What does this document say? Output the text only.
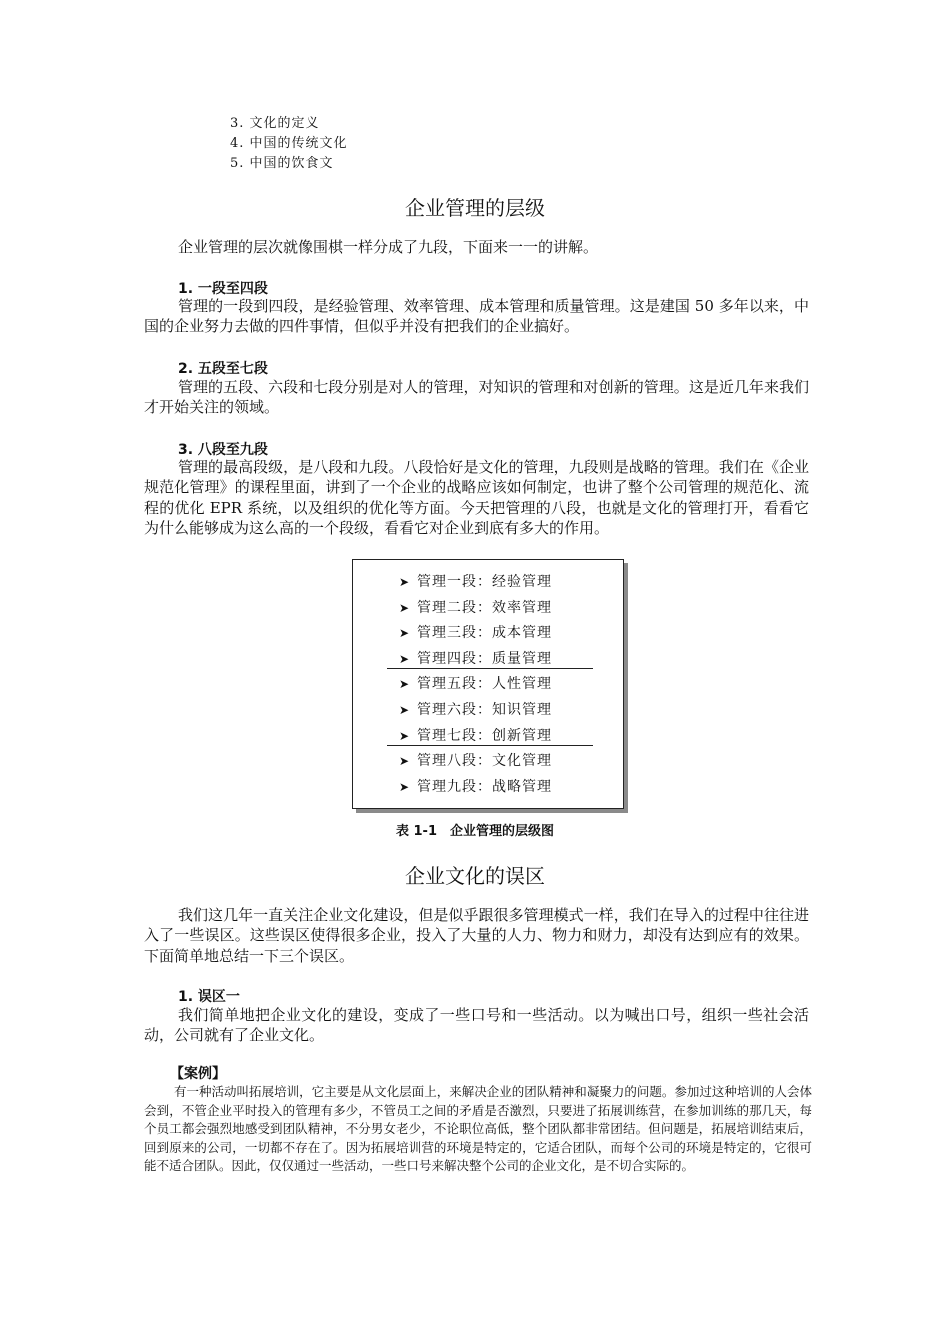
3. 文化的定义
4. 中国的传统文化
5. 中国的饮食文
企业管理的层级
企业管理的层次就像围棋一样分成了九段，下面来一一的讲解。
1. 一段至四段
管理的一段到四段，是经验管理、效率管理、成本管理和质量管理。这是建国 50 多年以来，中国的企业努力去做的四件事情，但似乎并没有把我们的企业搞好。
2. 五段至七段
管理的五段、六段和七段分别是对人的管理，对知识的管理和对创新的管理。这是近几年来我们才开始关注的领域。
3. 八段至九段
管理的最高段级，是八段和九段。八段恰好是文化的管理，九段则是战略的管理。我们在《企业规范化管理》的课程里面，讲到了一个企业的战略应该如何制定，也讲了整个公司管理的规范化、流程的优化 EPR 系统，以及组织的优化等方面。今天把管理的八段，也就是文化的管理打开，看看它为什么能够成为这么高的一个段级，看看它对企业到底有多大的作用。
➤ 管理一段：经验管理
➤ 管理二段：效率管理
➤ 管理三段：成本管理
➤ 管理四段：质量管理
➤ 管理五段：人性管理
➤ 管理六段：知识管理
➤ 管理七段：创新管理
➤ 管理八段：文化管理
➤ 管理九段：战略管理
表 1-1　企业管理的层级图
企业文化的误区
我们这几年一直关注企业文化建设，但是似乎跟很多管理模式一样，我们在导入的过程中往往进入了一些误区。这些误区使得很多企业，投入了大量的人力、物力和财力，却没有达到应有的效果。下面简单地总结一下三个误区。
1. 误区一
我们简单地把企业文化的建设，变成了一些口号和一些活动。以为喊出口号，组织一些社会活动，公司就有了企业文化。
【案例】
有一种活动叫拓展培训，它主要是从文化层面上，来解决企业的团队精神和凝聚力的问题。参加过这种培训的人会体会到，不管企业平时投入的管理有多少，不管员工之间的矛盾是否激烈，只要进了拓展训练营，在参加训练的那几天，每个员工都会强烈地感受到团队精神，不分男女老少，不论职位高低，整个团队都非常团结。但问题是，拓展培训结束后，回到原来的公司，一切都不存在了。因为拓展培训营的环境是特定的，它适合团队，而每个公司的环境是特定的，它很可能不适合团队。因此，仅仅通过一些活动，一些口号来解决整个公司的企业文化，是不切合实际的。
